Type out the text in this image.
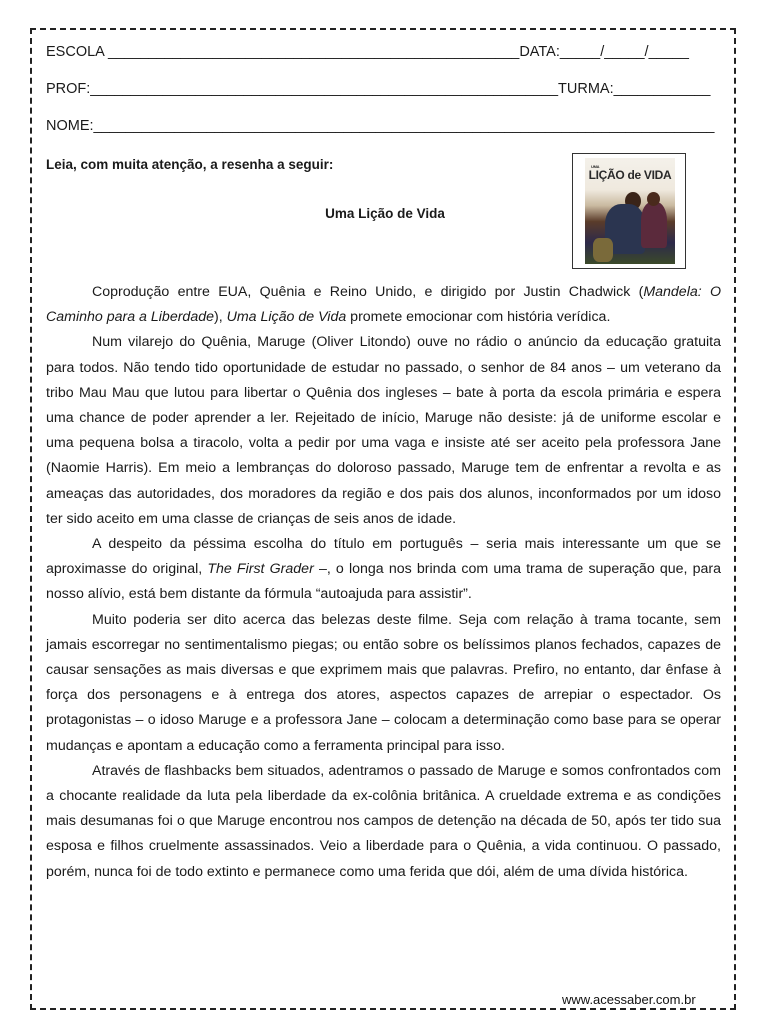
ESCOLA ___________________________________________________DATA:_____/_____/_____
PROF:__________________________________________________________TURMA:____________
NOME:_____________________________________________________________________________
Leia, com muita atenção, a resenha a seguir:
Uma Lição de Vida
UMA
LIÇÃO de VIDA

Coprodução entre EUA, Quênia e Reino Unido, e dirigido por Justin Chadwick (Mandela: O Caminho para a Liberdade), Uma Lição de Vida promete emocionar com história verídica.

Num vilarejo do Quênia, Maruge (Oliver Litondo) ouve no rádio o anúncio da educação gratuita para todos. Não tendo tido oportunidade de estudar no passado, o senhor de 84 anos – um veterano da tribo Mau Mau que lutou para libertar o Quênia dos ingleses – bate à porta da escola primária e espera uma chance de poder aprender a ler. Rejeitado de início, Maruge não desiste: já de uniforme escolar e uma pequena bolsa a tiracolo, volta a pedir por uma vaga e insiste até ser aceito pela professora Jane (Naomie Harris). Em meio a lembranças do doloroso passado, Maruge tem de enfrentar a revolta e as ameaças das autoridades, dos moradores da região e dos pais dos alunos, inconformados por um idoso ter sido aceito em uma classe de crianças de seis anos de idade.

A despeito da péssima escolha do título em português – seria mais interessante um que se aproximasse do original, The First Grader –, o longa nos brinda com uma trama de superação que, para nosso alívio, está bem distante da fórmula “autoajuda para assistir”.

Muito poderia ser dito acerca das belezas deste filme. Seja com relação à trama tocante, sem jamais escorregar no sentimentalismo piegas; ou então sobre os belíssimos planos fechados, capazes de causar sensações as mais diversas e que exprimem mais que palavras. Prefiro, no entanto, dar ênfase à força dos personagens e à entrega dos atores, aspectos capazes de arrepiar o espectador. Os protagonistas – o idoso Maruge e a professora Jane – colocam a determinação como base para se operar mudanças e apontam a educação como a ferramenta principal para isso.

Através de flashbacks bem situados, adentramos o passado de Maruge e somos confrontados com a chocante realidade da luta pela liberdade da ex-colônia britânica. A crueldade extrema e as condições mais desumanas foi o que Maruge encontrou nos campos de detenção na década de 50, após ter tido sua esposa e filhos cruelmente assassinados. Veio a liberdade para o Quênia, a vida continuou. O passado, porém, nunca foi de todo extinto e permanece como uma ferida que dói, além de uma dívida histórica.

www.acessaber.com.br
